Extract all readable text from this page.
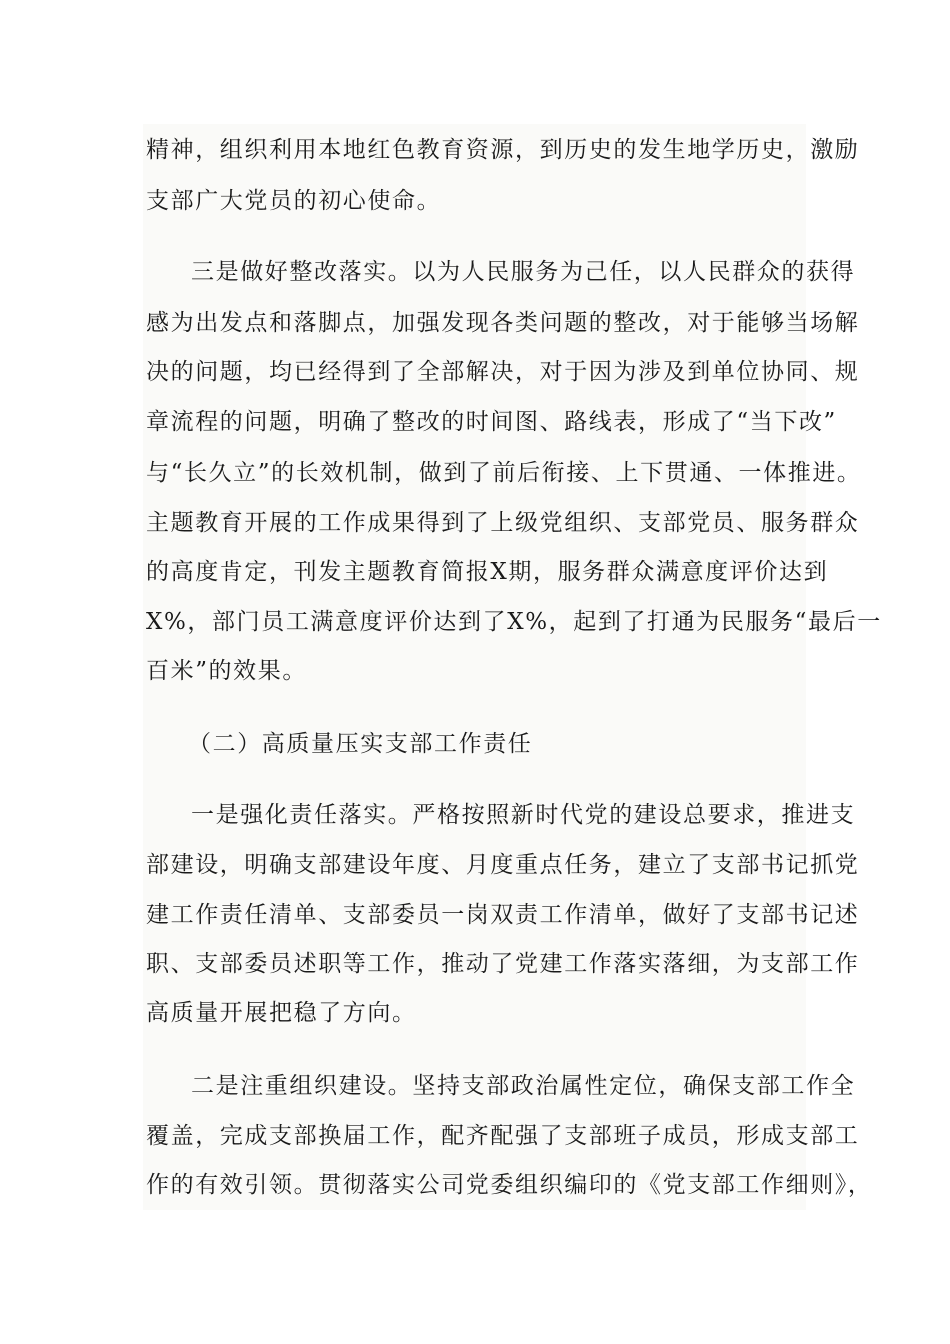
精神，组织利用本地红色教育资源，到历史的发生地学历史，激励
支部广大党员的初心使命。
三是做好整改落实。以为人民服务为己任，以人民群众的获得
感为出发点和落脚点，加强发现各类问题的整改，对于能够当场解
决的问题，均已经得到了全部解决，对于因为涉及到单位协同、规
章流程的问题，明确了整改的时间图、路线表，形成了“当下改”
与“长久立”的长效机制，做到了前后衔接、上下贯通、一体推进。
主题教育开展的工作成果得到了上级党组织、支部党员、服务群众
的高度肯定，刊发主题教育简报X期，服务群众满意度评价达到
X%，部门员工满意度评价达到了X%，起到了打通为民服务“最后一
百米”的效果。
（二）高质量压实支部工作责任
一是强化责任落实。严格按照新时代党的建设总要求，推进支
部建设，明确支部建设年度、月度重点任务，建立了支部书记抓党
建工作责任清单、支部委员一岗双责工作清单，做好了支部书记述
职、支部委员述职等工作，推动了党建工作落实落细，为支部工作
高质量开展把稳了方向。
二是注重组织建设。坚持支部政治属性定位，确保支部工作全
覆盖，完成支部换届工作，配齐配强了支部班子成员，形成支部工
作的有效引领。贯彻落实公司党委组织编印的《党支部工作细则》，
